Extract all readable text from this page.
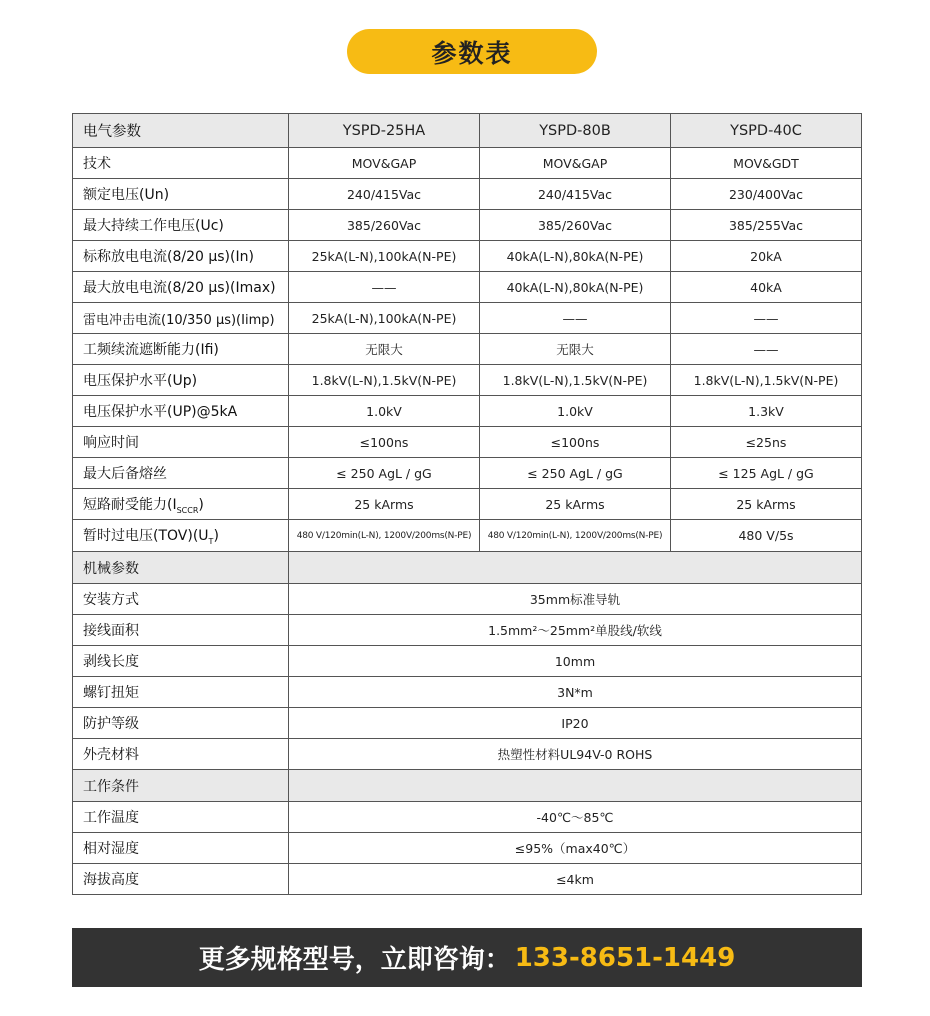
参数表
电气参数	YSPD-25HA	YSPD-80B	YSPD-40C
技术	MOV&GAP	MOV&GAP	MOV&GDT
额定电压(Un)	240/415Vac	240/415Vac	230/400Vac
最大持续工作电压(Uc)	385/260Vac	385/260Vac	385/255Vac
标称放电电流(8/20 µs)(In)	25kA(L-N),100kA(N-PE)	40kA(L-N),80kA(N-PE)	20kA
最大放电电流(8/20 µs)(Imax)	——	40kA(L-N),80kA(N-PE)	40kA
雷电冲击电流(10/350 µs)(Iimp)	25kA(L-N),100kA(N-PE)	——	——
工频续流遮断能力(Ifi)	无限大	无限大	——
电压保护水平(Up)	1.8kV(L-N),1.5kV(N-PE)	1.8kV(L-N),1.5kV(N-PE)	1.8kV(L-N),1.5kV(N-PE)
电压保护水平(UP)@5kA	1.0kV	1.0kV	1.3kV
响应时间	≤100ns	≤100ns	≤25ns
最大后备熔丝	≤ 250 AgL / gG	≤ 250 AgL / gG	≤ 125 AgL / gG
短路耐受能力$(I_{SCCR})$	25 kArms	25 kArms	25 kArms
暂时过电压$(TOV)(U_T)$	480 V/120min(L-N), 1200V/200ms(N-PE)	480 V/120min(L-N), 1200V/200ms(N-PE)	480 V/5s
机械参数			
安装方式	35mm标准导轨		
接线面积	1.5mm²～25mm²单股线/软线		
剥线长度	10mm		
螺钉扭矩	3N*m		
防护等级	IP20		
外壳材料	热塑性材料UL94V-0 ROHS		
工作条件			
工作温度	-40℃～85℃		
相对湿度	≤95%（max40℃）		
海拔高度	≤4km		
更多规格型号，立即咨询： 133-8651-1449
